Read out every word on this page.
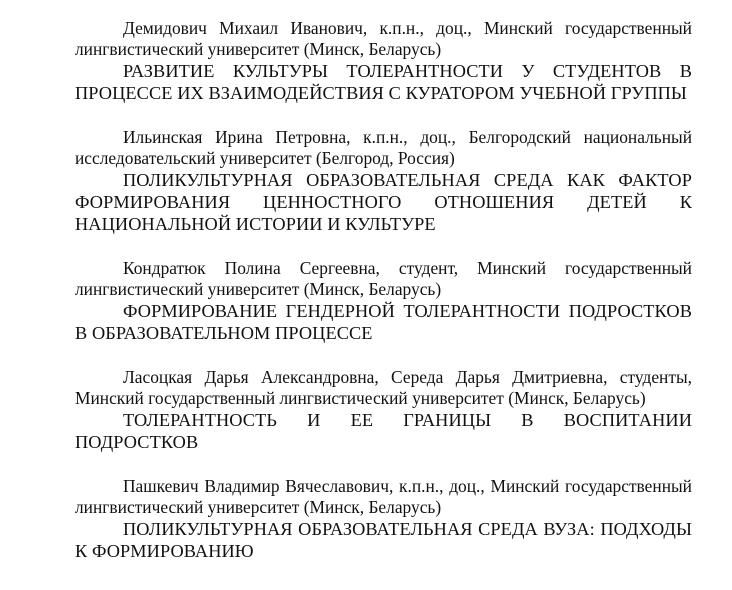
Демидович Михаил Иванович, к.п.н., доц., Минский государственный лингвистический университет (Минск, Беларусь)

РАЗВИТИЕ КУЛЬТУРЫ ТОЛЕРАНТНОСТИ У СТУДЕНТОВ В ПРОЦЕССЕ ИХ ВЗАИМОДЕЙСТВИЯ С КУРАТОРОМ УЧЕБНОЙ ГРУППЫ

Ильинская Ирина Петровна, к.п.н., доц., Белгородский национальный исследовательский университет (Белгород, Россия)

ПОЛИКУЛЬТУРНАЯ ОБРАЗОВАТЕЛЬНАЯ СРЕДА КАК ФАКТОР ФОРМИРОВАНИЯ ЦЕННОСТНОГО ОТНОШЕНИЯ ДЕТЕЙ К НАЦИОНАЛЬНОЙ ИСТОРИИ И КУЛЬТУРЕ

Кондратюк Полина Сергеевна, студент, Минский государственный лингвистический университет (Минск, Беларусь)

ФОРМИРОВАНИЕ ГЕНДЕРНОЙ ТОЛЕРАНТНОСТИ ПОДРОСТКОВ В ОБРАЗОВАТЕЛЬНОМ ПРОЦЕССЕ

Ласоцкая Дарья Александровна, Середа Дарья Дмитриевна, студенты, Минский государственный лингвистический университет (Минск, Беларусь)

ТОЛЕРАНТНОСТЬ И ЕЕ ГРАНИЦЫ В ВОСПИТАНИИ ПОДРОСТКОВ

Пашкевич Владимир Вячеславович, к.п.н., доц., Минский государственный лингвистический университет (Минск, Беларусь)

ПОЛИКУЛЬТУРНАЯ ОБРАЗОВАТЕЛЬНАЯ СРЕДА ВУЗА: ПОДХОДЫ К ФОРМИРОВАНИЮ
